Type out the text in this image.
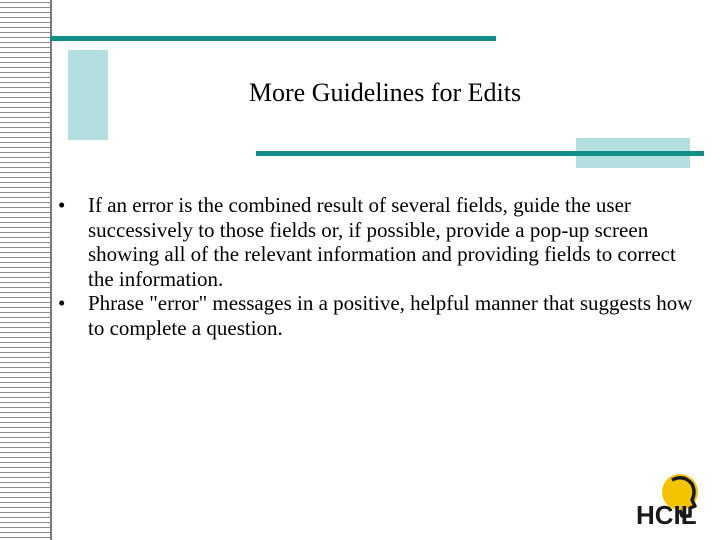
More Guidelines for Edits
• If an error is the combined result of several fields, guide the user successively to those fields or, if possible, provide a pop-up screen showing all of the relevant information and providing fields to correct the information.
• Phrase "error" messages in a positive, helpful manner that suggests how to complete a question.
HCIL
